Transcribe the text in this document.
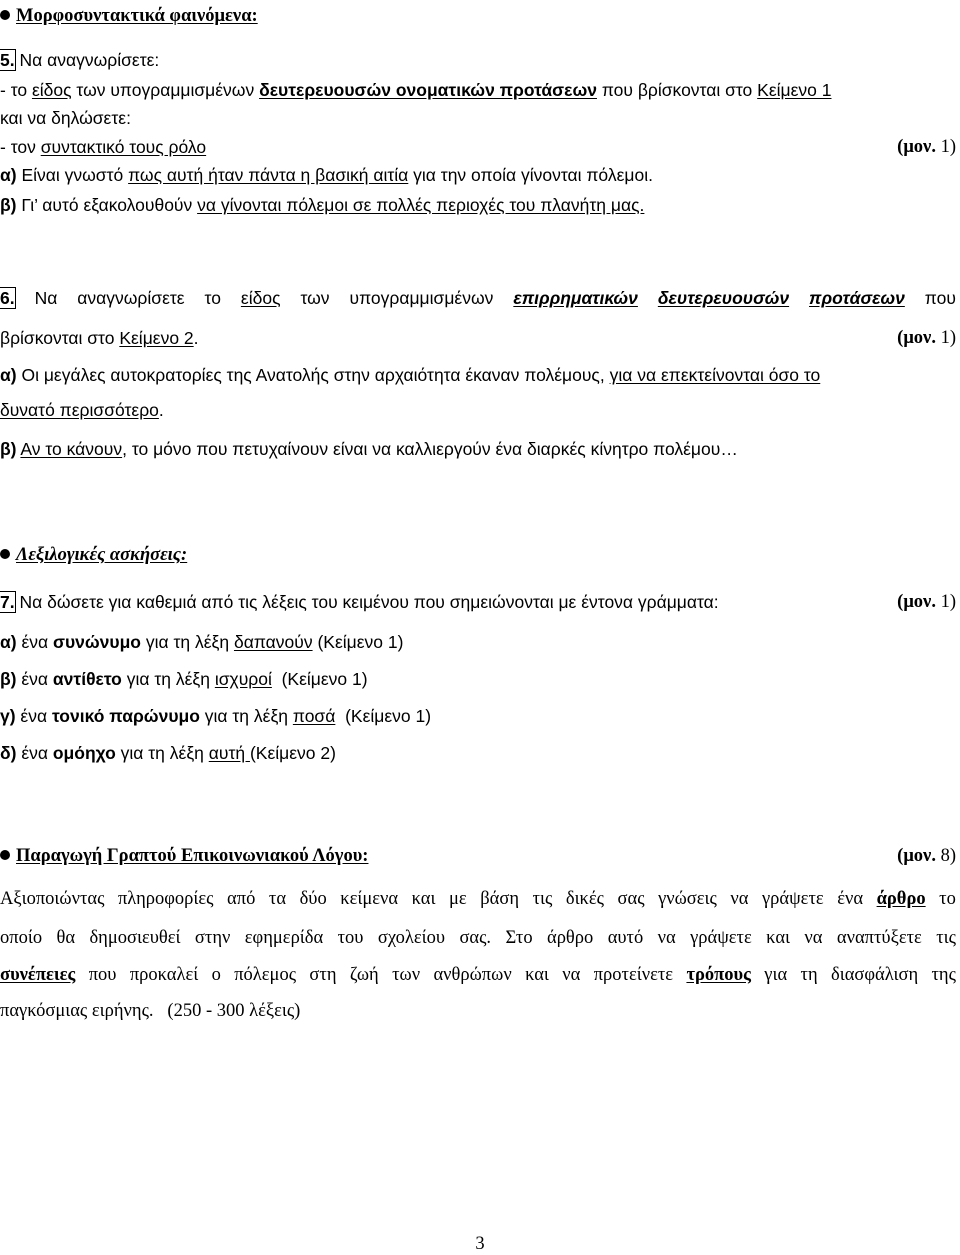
Μορφοσυντακτικά φαινόμενα:
5. Να αναγνωρίσετε:
- το είδος των υπογραμμισμένων δευτερευουσών ονοματικών προτάσεων που βρίσκονται στο Κείμενο 1
και να δηλώσετε:
- τον συντακτικό τους ρόλο	(μον. 1)
α) Είναι γνωστό πως αυτή ήταν πάντα η βασική αιτία για την οποία γίνονται πόλεμοι.
β) Γι’ αυτό εξακολουθούν να γίνονται πόλεμοι σε πολλές περιοχές του πλανήτη μας.
6. Να αναγνωρίσετε το είδος των υπογραμμισμένων επιρρηματικών δευτερευουσών προτάσεων που
βρίσκονται στο Κείμενο 2.	(μον. 1)
α) Οι μεγάλες αυτοκρατορίες της Ανατολής στην αρχαιότητα έκαναν πολέμους, για να επεκτείνονται όσο το
δυνατό περισσότερο.
β) Αν το κάνουν, το μόνο που πετυχαίνουν είναι να καλλιεργούν ένα διαρκές κίνητρο πολέμου…
Λεξιλογικές ασκήσεις:
7. Να δώσετε για καθεμιά από τις λέξεις του κειμένου που σημειώνονται με έντονα γράμματα:	(μον. 1)
α) ένα συνώνυμο για τη λέξη δαπανούν (Κείμενο 1)
β) ένα αντίθετο για τη λέξη ισχυροί  (Κείμενο 1)
γ) ένα τονικό παρώνυμο για τη λέξη ποσά  (Κείμενο 1)
δ) ένα ομόηχο για τη λέξη αυτή (Κείμενο 2)
Παραγωγή Γραπτού Επικοινωνιακού Λόγου:	(μον. 8)
Αξιοποιώντας πληροφορίες από τα δύο κείμενα και με βάση τις δικές σας γνώσεις να γράψετε ένα άρθρο το
οποίο θα δημοσιευθεί στην εφημερίδα του σχολείου σας. Στο άρθρο αυτό να γράψετε και να αναπτύξετε τις
συνέπειες που προκαλεί ο πόλεμος στη ζωή των ανθρώπων και να προτείνετε τρόπους για τη διασφάλιση της
παγκόσμιας ειρήνης.   (250 - 300 λέξεις)
3
